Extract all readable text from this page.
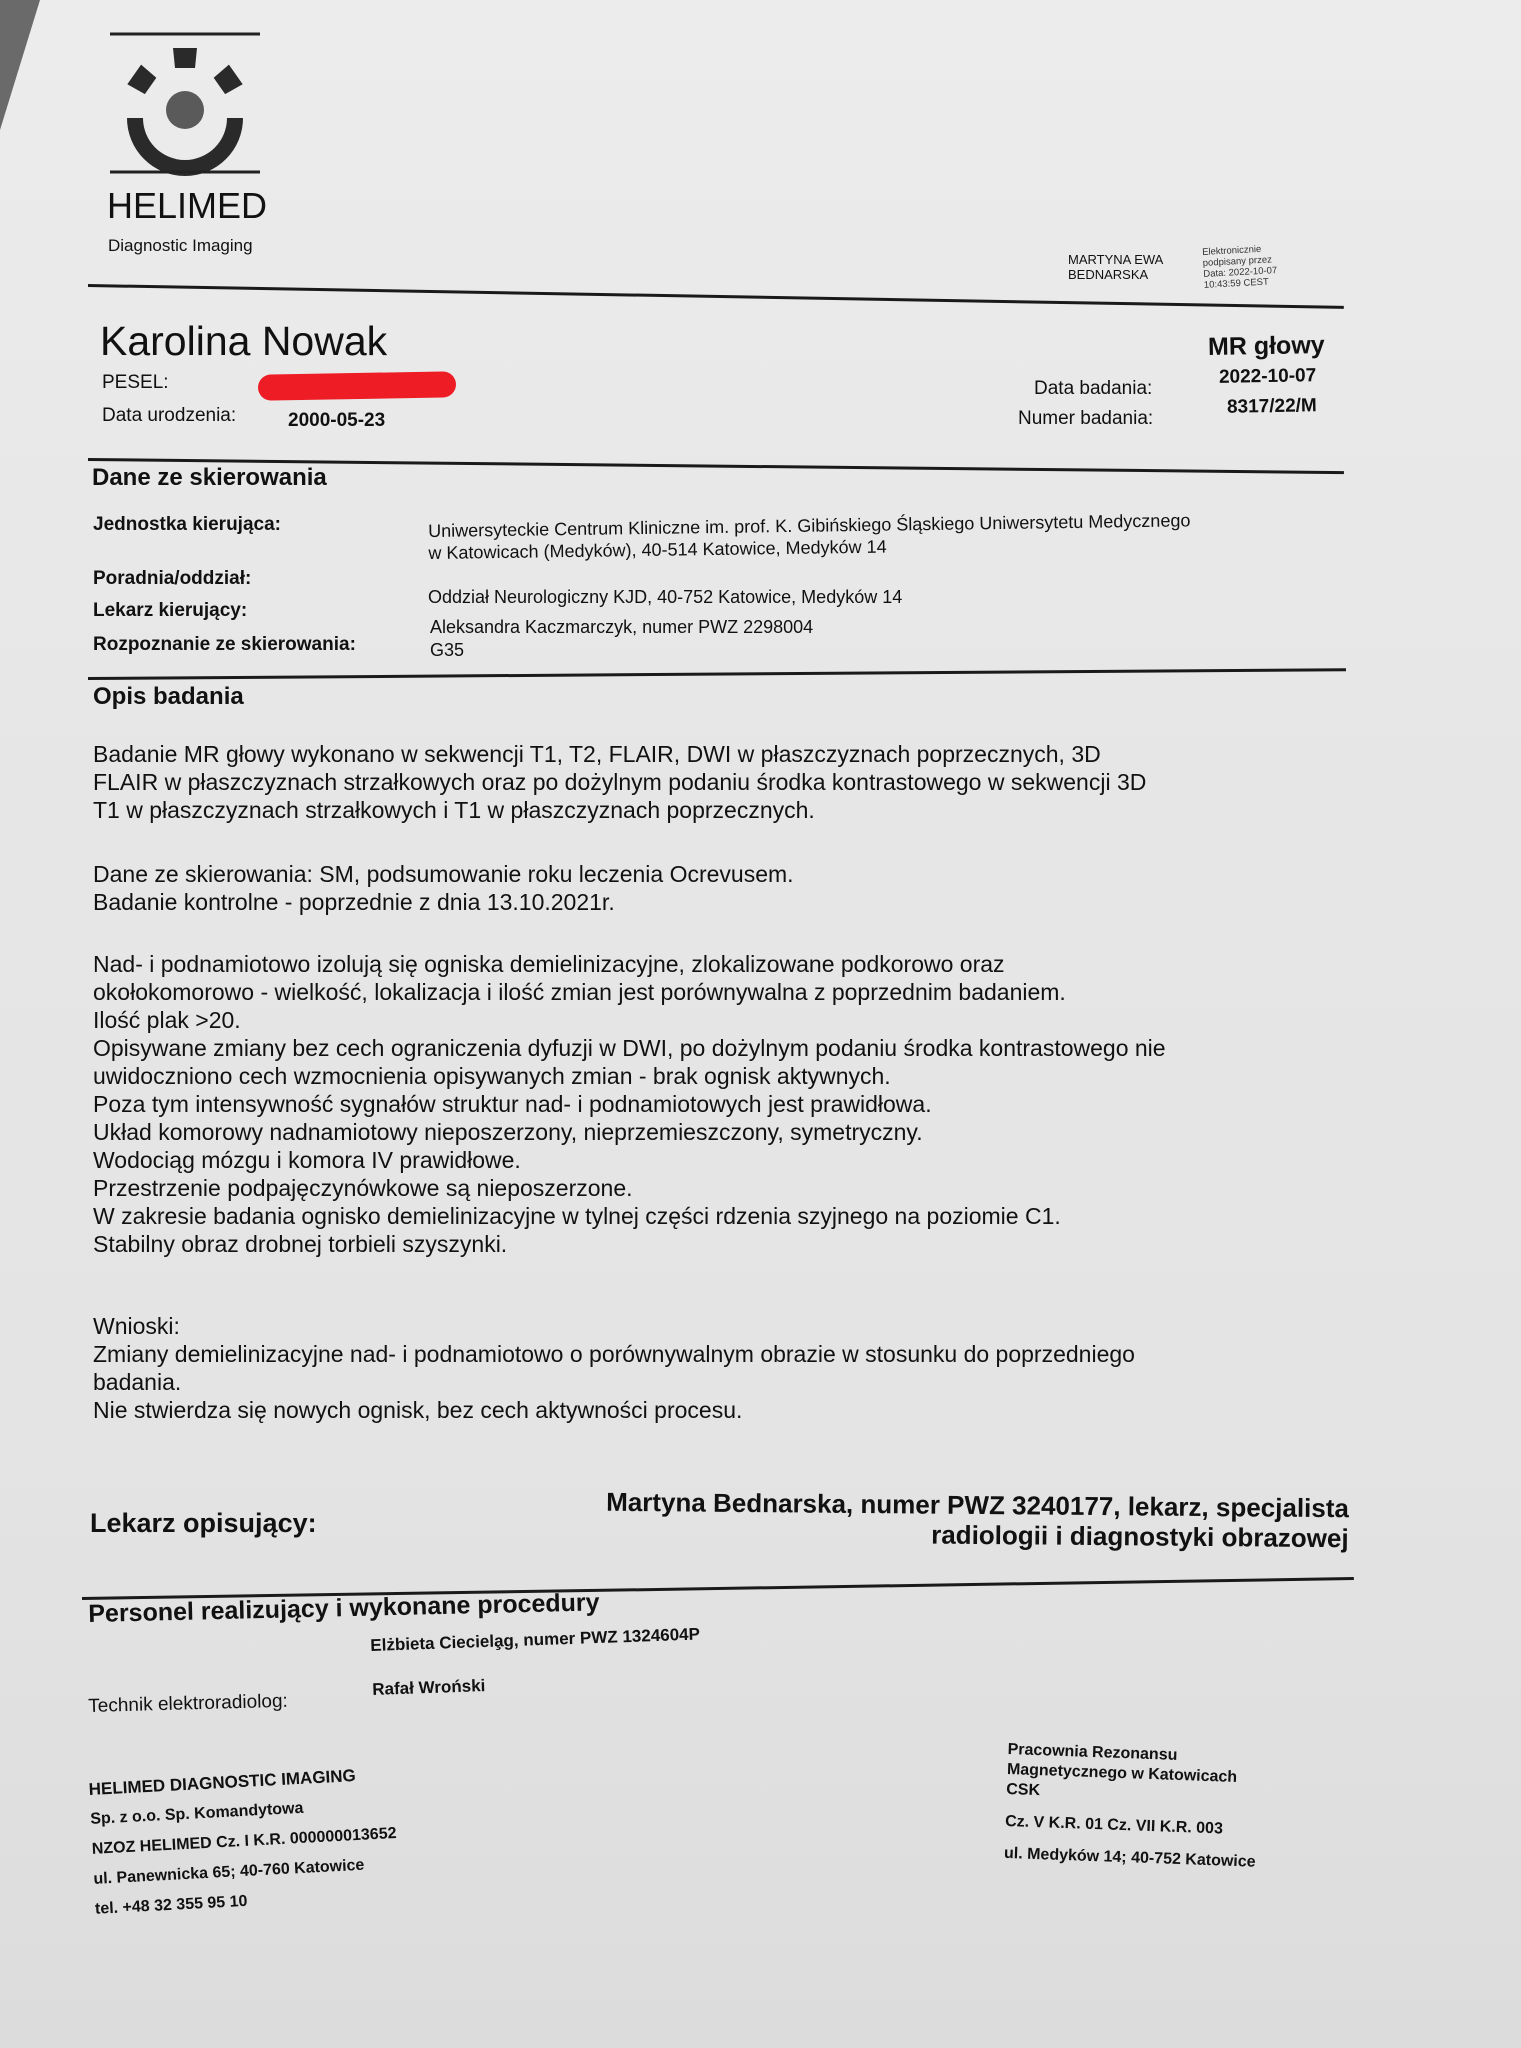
HELIMED
Diagnostic Imaging
MARTYNA EWA
BEDNARSKA
Elektronicznie
podpisany przez
Data: 2022-10-07
10:43:59 CEST
Karolina Nowak
PESEL:
Data urodzenia:	2000-05-23
MR głowy
Data badania:
2022-10-07
Numer badania:
8317/22/M
Dane ze skierowania
Jednostka kierująca:	Uniwersyteckie Centrum Kliniczne im. prof. K. Gibińskiego Śląskiego Uniwersytetu Medycznego
w Katowicach (Medyków), 40-514 Katowice, Medyków 14
Poradnia/oddział:
Oddział Neurologiczny KJD, 40-752 Katowice, Medyków 14
Lekarz kierujący:
Aleksandra Kaczmarczyk, numer PWZ 2298004
Rozpoznanie ze skierowania:	G35
Opis badania
Badanie MR głowy wykonano w sekwencji T1, T2, FLAIR, DWI w płaszczyznach poprzecznych, 3D
FLAIR w płaszczyznach strzałkowych oraz po dożylnym podaniu środka kontrastowego w sekwencji 3D
T1 w płaszczyznach strzałkowych i T1 w płaszczyznach poprzecznych.
Dane ze skierowania: SM, podsumowanie roku leczenia Ocrevusem.
Badanie kontrolne - poprzednie z dnia 13.10.2021r.
Nad- i podnamiotowo izolują się ogniska demielinizacyjne, zlokalizowane podkorowo oraz
okołokomorowo - wielkość, lokalizacja i ilość zmian jest porównywalna z poprzednim badaniem.
Ilość plak >20.
Opisywane zmiany bez cech ograniczenia dyfuzji w DWI, po dożylnym podaniu środka kontrastowego nie
uwidoczniono cech wzmocnienia opisywanych zmian - brak ognisk aktywnych.
Poza tym intensywność sygnałów struktur nad- i podnamiotowych jest prawidłowa.
Układ komorowy nadnamiotowy nieposzerzony, nieprzemieszczony, symetryczny.
Wodociąg mózgu i komora IV prawidłowe.
Przestrzenie podpajęczynówkowe są nieposzerzone.
W zakresie badania ognisko demielinizacyjne w tylnej części rdzenia szyjnego na poziomie C1.
Stabilny obraz drobnej torbieli szyszynki.
Wnioski:
Zmiany demielinizacyjne nad- i podnamiotowo o porównywalnym obrazie w stosunku do poprzedniego
badania.
Nie stwierdza się nowych ognisk, bez cech aktywności procesu.
Lekarz opisujący:	Martyna Bednarska, numer PWZ 3240177, lekarz, specjalista
radiologii i diagnostyki obrazowej
Personel realizujący i wykonane procedury
Elżbieta Cieciela̧g, numer PWZ 1324604P
Technik elektroradiolog:
Rafał Wroński
HELIMED DIAGNOSTIC IMAGING
Sp. z o.o. Sp. Komandytowa
NZOZ HELIMED Cz. I K.R. 000000013652
ul. Panewnicka 65; 40-760 Katowice
tel. +48 32 355 95 10
Pracownia Rezonansu
Magnetycznego w Katowicach
CSK
Cz. V K.R. 01 Cz. VII K.R. 003
ul. Medyków 14; 40-752 Katowice
